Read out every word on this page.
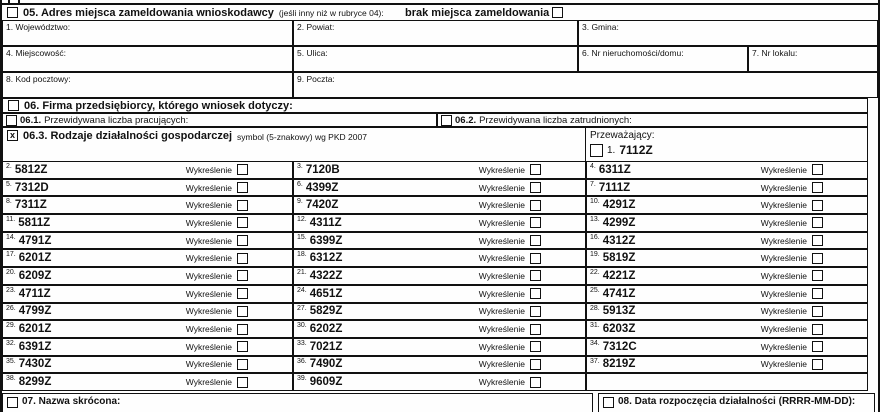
05. Adres miejsca zameldowania wnioskodawcy (jeśli inny niż w rubryce 04): brak miejsca zameldowania
1. Województwo:	2. Powiat:	3. Gmina:
4. Miejscowość:	5. Ulica:	6. Nr nieruchomości/domu:	7. Nr lokalu:
8. Kod pocztowy:	9. Poczta:
06. Firma przedsiębiorcy, którego wniosek dotyczy:
06.1. Przewidywana liczba pracujących:	06.2. Przewidywana liczba zatrudnionych:
x 06.3. Rodzaje działalności gospodarczej symbol (5-znakowy) wg PKD 2007	Przeważający:
1. 7112Z
2. 5812Z	Wykreślenie	3. 7120B	Wykreślenie	4. 6311Z	Wykreślenie
5. 7312D	Wykreślenie	6. 4399Z	Wykreślenie	7. 7111Z	Wykreślenie
8. 7311Z	Wykreślenie	9. 7420Z	Wykreślenie	10. 4291Z	Wykreślenie
11. 5811Z	Wykreślenie	12. 4311Z	Wykreślenie	13. 4299Z	Wykreślenie
14. 4791Z	Wykreślenie	15. 6399Z	Wykreślenie	16. 4312Z	Wykreślenie
17. 6201Z	Wykreślenie	18. 6312Z	Wykreślenie	19. 5819Z	Wykreślenie
20. 6209Z	Wykreślenie	21. 4322Z	Wykreślenie	22. 4221Z	Wykreślenie
23. 4711Z	Wykreślenie	24. 4651Z	Wykreślenie	25. 4741Z	Wykreślenie
26. 4799Z	Wykreślenie	27. 5829Z	Wykreślenie	28. 5913Z	Wykreślenie
29. 6201Z	Wykreślenie	30. 6202Z	Wykreślenie	31. 6203Z	Wykreślenie
32. 6391Z	Wykreślenie	33. 7021Z	Wykreślenie	34. 7312C	Wykreślenie
35. 7430Z	Wykreślenie	36. 7490Z	Wykreślenie	37. 8219Z	Wykreślenie
38. 8299Z	Wykreślenie	39. 9609Z	Wykreślenie
07. Nazwa skrócona:	08. Data rozpoczęcia działalności (RRRR-MM-DD):
